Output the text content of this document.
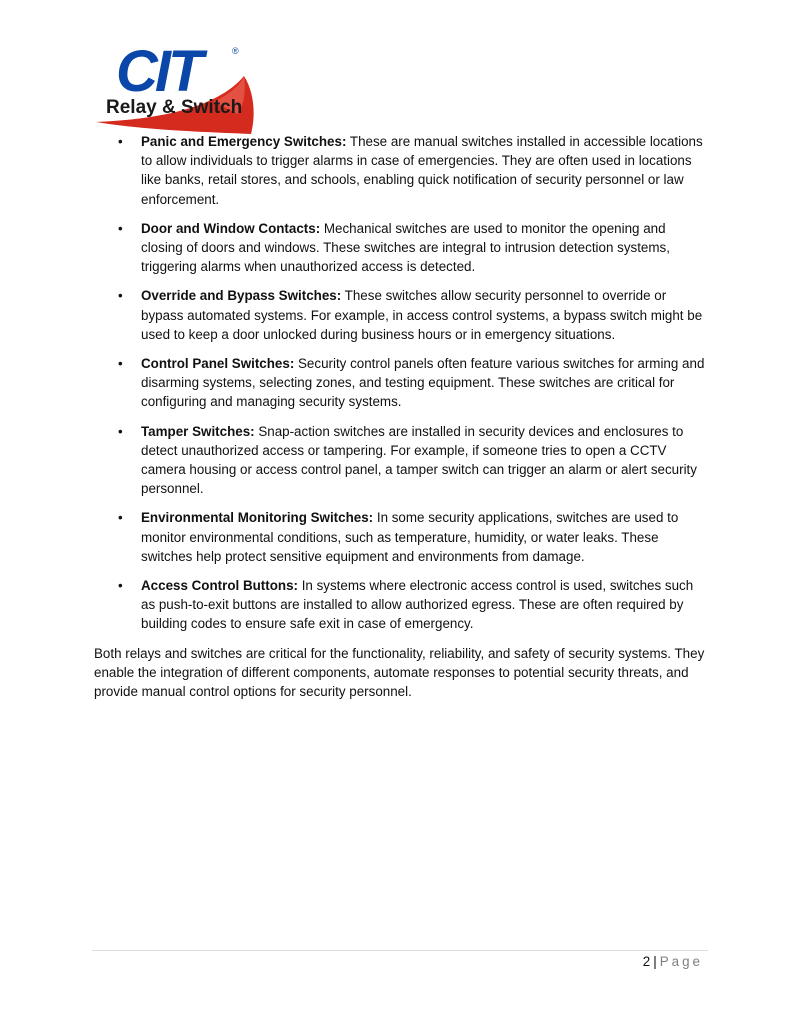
CIT	®
Relay & Switch
• Panic and Emergency Switches: These are manual switches installed in accessible locations to allow individuals to trigger alarms in case of emergencies. They are often used in locations like banks, retail stores, and schools, enabling quick notification of security personnel or law enforcement.
• Door and Window Contacts: Mechanical switches are used to monitor the opening and closing of doors and windows. These switches are integral to intrusion detection systems, triggering alarms when unauthorized access is detected.
• Override and Bypass Switches: These switches allow security personnel to override or bypass automated systems. For example, in access control systems, a bypass switch might be used to keep a door unlocked during business hours or in emergency situations.
• Control Panel Switches: Security control panels often feature various switches for arming and disarming systems, selecting zones, and testing equipment. These switches are critical for configuring and managing security systems.
• Tamper Switches: Snap-action switches are installed in security devices and enclosures to detect unauthorized access or tampering. For example, if someone tries to open a CCTV camera housing or access control panel, a tamper switch can trigger an alarm or alert security personnel.
• Environmental Monitoring Switches: In some security applications, switches are used to monitor environmental conditions, such as temperature, humidity, or water leaks. These switches help protect sensitive equipment and environments from damage.
• Access Control Buttons: In systems where electronic access control is used, switches such as push-to-exit buttons are installed to allow authorized egress. These are often required by building codes to ensure safe exit in case of emergency.

Both relays and switches are critical for the functionality, reliability, and safety of security systems. They enable the integration of different components, automate responses to potential security threats, and provide manual control options for security personnel.

2 | Page
